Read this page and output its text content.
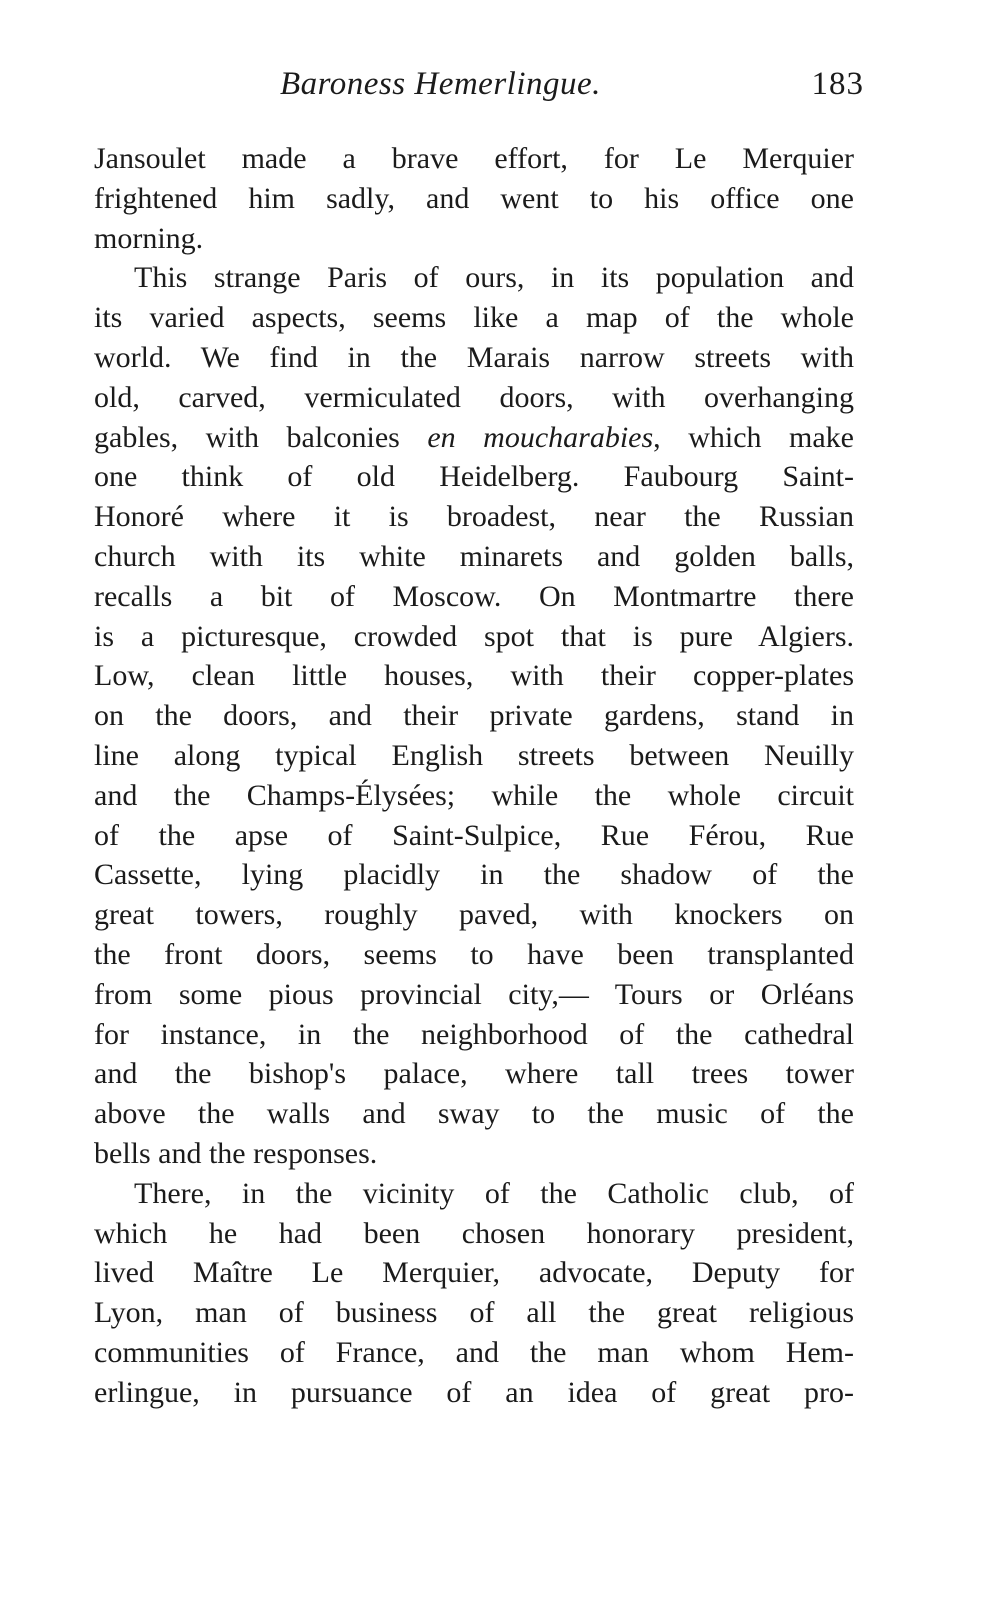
Baroness Hemerlingue.	183
Jansoulet made a brave effort, for Le Merquier
frightened him sadly, and went to his office one
morning.
This strange Paris of ours, in its population and
its varied aspects, seems like a map of the whole
world. We find in the Marais narrow streets with
old, carved, vermiculated doors, with overhanging
gables, with balconies en moucharabies, which make
one think of old Heidelberg. Faubourg Saint-
Honoré where it is broadest, near the Russian
church with its white minarets and golden balls,
recalls a bit of Moscow. On Montmartre there
is a picturesque, crowded spot that is pure Algiers.
Low, clean little houses, with their copper-plates
on the doors, and their private gardens, stand in
line along typical English streets between Neuilly
and the Champs-Élysées; while the whole circuit
of the apse of Saint-Sulpice, Rue Férou, Rue
Cassette, lying placidly in the shadow of the
great towers, roughly paved, with knockers on
the front doors, seems to have been transplanted
from some pious provincial city,— Tours or Orléans
for instance, in the neighborhood of the cathedral
and the bishop's palace, where tall trees tower
above the walls and sway to the music of the
bells and the responses.
There, in the vicinity of the Catholic club, of
which he had been chosen honorary president,
lived Maître Le Merquier, advocate, Deputy for
Lyon, man of business of all the great religious
communities of France, and the man whom Hem-
erlingue, in pursuance of an idea of great pro-
